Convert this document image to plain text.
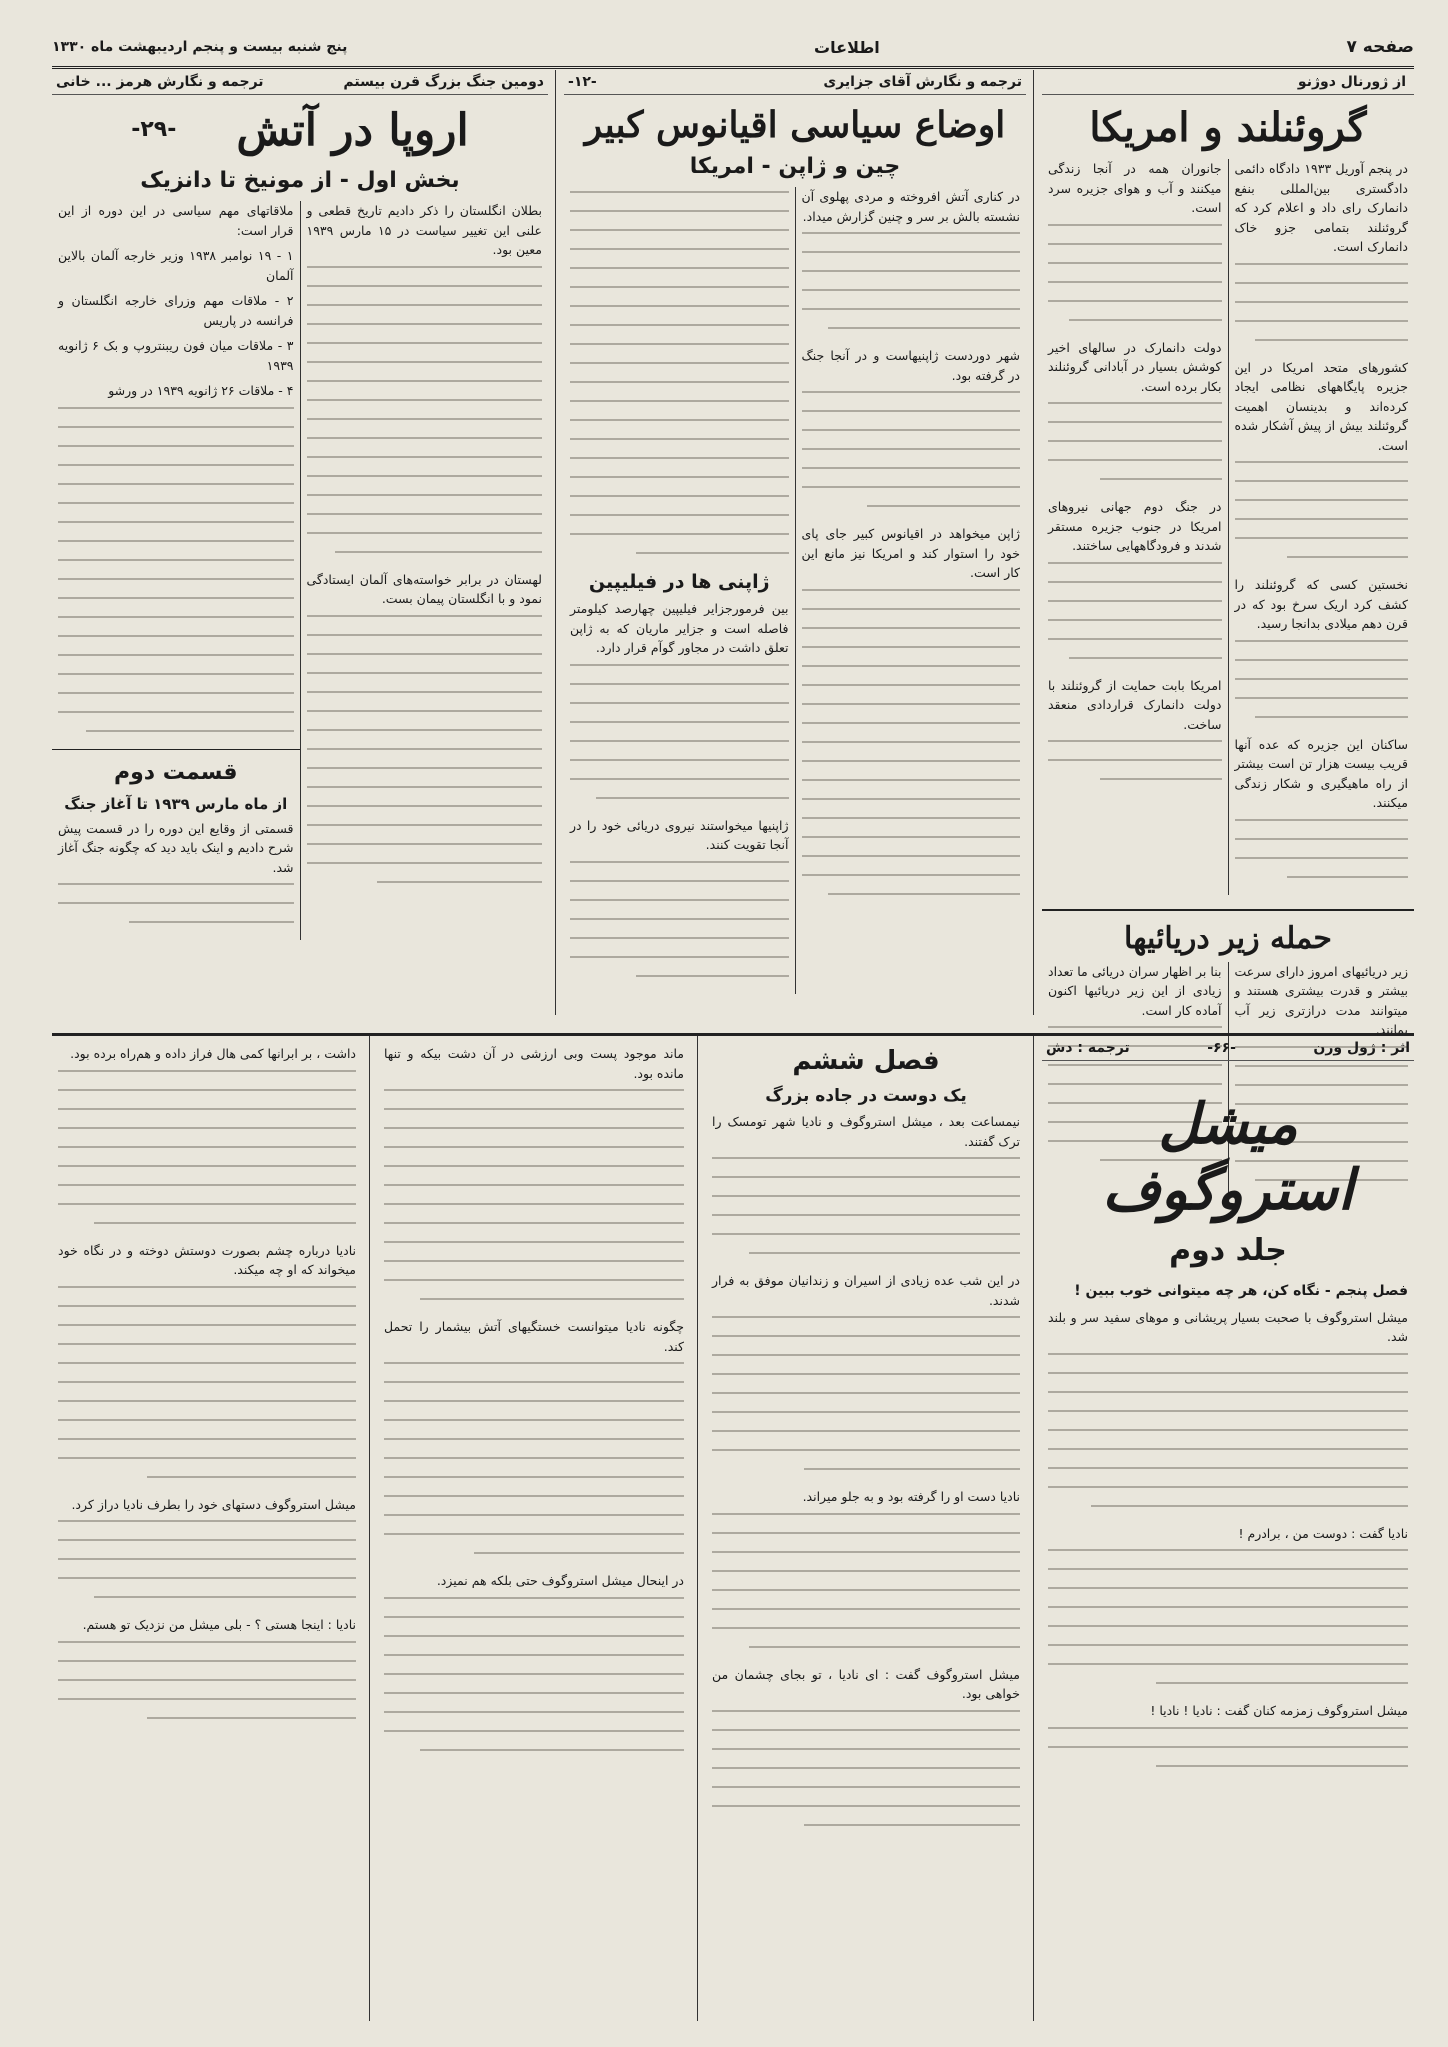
صفحه ۷
اطلاعات
پنج شنبه بیست و پنجم اردیبهشت ماه ۱۳۳۰
از ژورنال دوژنو
گروئنلند و امریکا

در پنجم آوریل ۱۹۳۳ دادگاه دائمی دادگستری بین‌المللی بنفع دانمارک رای داد و اعلام کرد که گروئنلند بتمامی جزو خاک دانمارک است.

کشورهای متحد امریکا در این جزیره پایگاههای نظامی ایجاد کرده‌اند و بدینسان اهمیت گروئنلند بیش از پیش آشکار شده است.

نخستین کسی که گروئنلند را کشف کرد اریک سرخ بود که در قرن دهم میلادی بدانجا رسید.

ساکنان این جزیره که عده آنها قریب بیست هزار تن است بیشتر از راه ماهیگیری و شکار زندگی میکنند.

جانوران همه در آنجا زندگی میکنند و آب و هوای جزیره سرد است.

دولت دانمارک در سالهای اخیر کوشش بسیار در آبادانی گروئنلند بکار برده است.

در جنگ دوم جهانی نیروهای امریکا در جنوب جزیره مستقر شدند و فرودگاههایی ساختند.

امریکا بابت حمایت از گروئنلند با دولت دانمارک قراردادی منعقد ساخت.

حمله زیر دریائیها

زیر دریائیهای امروز دارای سرعت بیشتر و قدرت بیشتری هستند و میتوانند مدت درازتری زیر آب بمانند.

بنا بر اظهار سران دریائی ما تعداد زیادی از این زیر دریائیها اکنون آماده کار است.

ترجمه و نگارش آقای جزایری
-۱۲-
اوضاع سیاسی اقیانوس کبیر
چین و ژاپن - امریکا

در کناری آتش افروخته و مردی پهلوی آن نشسته بالش بر سر و چنین گزارش میداد.

شهر دوردست ژاپنیهاست و در آنجا جنگ در گرفته بود.

ژاپن میخواهد در اقیانوس کبیر جای پای خود را استوار کند و امریکا نیز مانع این کار است.

ژاپنی ها در فیلیپین

بین فرمورجزایر فیلیپین چهارصد کیلومتر فاصله است و جزایر ماریان که به ژاپن تعلق داشت در مجاور گوآم قرار دارد.

ژاپنیها میخواستند نیروی دریائی خود را در آنجا تقویت کنند.

دومین جنگ بزرگ قرن بیستم
ترجمه و نگارش هرمز ... خانی
اروپا در آتش
-۲۹-
بخش اول - از مونیخ تا دانزیک

بطلان انگلستان را ذکر دادیم تاریخ قطعی و علنی این تغییر سیاست در ۱۵ مارس ۱۹۳۹ معین بود.

لهستان در برابر خواسته‌های آلمان ایستادگی نمود و با انگلستان پیمان بست.

ملاقاتهای مهم سیاسی در این دوره از این قرار است:

۱ - ۱۹ نوامبر ۱۹۳۸ وزیر خارجه آلمان بالاین آلمان

۲ - ملاقات مهم وزرای خارجه انگلستان و فرانسه در پاریس

۳ - ملاقات میان فون ریبنتروپ و بک ۶ ژانویه ۱۹۳۹

۴ - ملاقات ۲۶ ژانویه ۱۹۳۹ در ورشو

قسمت دوم
از ماه مارس ۱۹۳۹ تا آغاز جنگ

قسمتی از وقایع این دوره را در قسمت پیش شرح دادیم و اینک باید دید که چگونه جنگ آغاز شد.

اثر : ژول ورن
-۶۶-
ترجمه : دش
میشل استروگوف
جلد دوم

فصل پنجم - نگاه کن، هر چه میتوانی خوب ببین !

میشل استروگوف با صحبت بسیار پریشانی و موهای سفید سر و بلند شد.

نادیا گفت : دوست من ، برادرم !

میشل استروگوف زمزمه کنان گفت : نادیا ! نادیا !

فصل ششم
یک دوست در جاده بزرگ

نیمساعت بعد ، میشل استروگوف و نادیا شهر تومسک را ترک گفتند.

در این شب عده زیادی از اسیران و زندانیان موفق به فرار شدند.

نادیا دست او را گرفته بود و به جلو میراند.

میشل استروگوف گفت : ای نادیا ، تو بجای چشمان من خواهی بود.

ماند موجود پست وبی ارزشی در آن دشت بیکه و تنها مانده بود.

چگونه نادیا میتوانست خستگیهای آتش بیشمار را تحمل کند.

در اینحال میشل استروگوف حتی بلکه هم نمیزد.

داشت ، بر ابرانها کمی هال فراز داده و هم‌راه برده بود.

نادیا درباره چشم بصورت دوستش دوخته و در نگاه خود میخواند که او چه میکند.

میشل استروگوف دستهای خود را بطرف نادیا دراز کرد.

نادیا : اینجا هستی ؟ - بلی میشل من نزدیک تو هستم.
